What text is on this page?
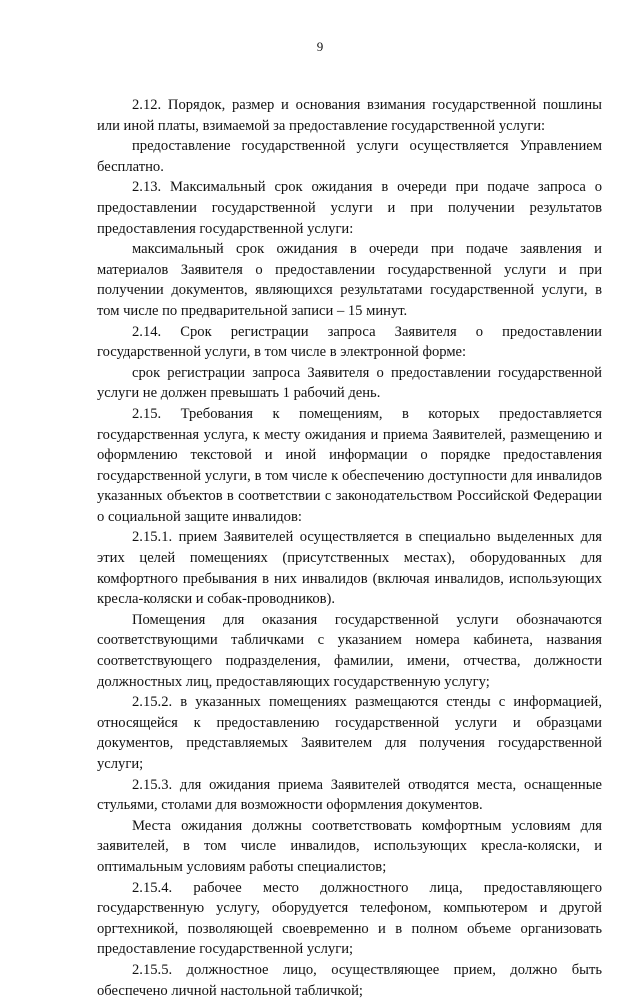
9

2.12. Порядок, размер и основания взимания государственной пошлины или иной платы, взимаемой за предоставление государственной услуги:

предоставление государственной услуги осуществляется Управлением бесплатно.

2.13. Максимальный срок ожидания в очереди при подаче запроса о предоставлении государственной услуги и при получении результатов предоставления государственной услуги:

максимальный срок ожидания в очереди при подаче заявления и материалов Заявителя о предоставлении государственной услуги и при получении документов, являющихся результатами государственной услуги, в том числе по предварительной записи – 15 минут.

2.14. Срок регистрации запроса Заявителя о предоставлении государственной услуги, в том числе в электронной форме:

срок регистрации запроса Заявителя о предоставлении государственной услуги не должен превышать 1 рабочий день.

2.15. Требования к помещениям, в которых предоставляется государственная услуга, к месту ожидания и приема Заявителей, размещению и оформлению текстовой и иной информации о порядке предоставления государственной услуги, в том числе к обеспечению доступности для инвалидов указанных объектов в соответствии с законодательством Российской Федерации о социальной защите инвалидов:

2.15.1. прием Заявителей осуществляется в специально выделенных для этих целей помещениях (присутственных местах), оборудованных для комфортного пребывания в них инвалидов (включая инвалидов, использующих кресла-коляски и собак-проводников).

Помещения для оказания государственной услуги обозначаются соответствующими табличками с указанием номера кабинета, названия соответствующего подразделения, фамилии, имени, отчества, должности должностных лиц, предоставляющих государственную услугу;

2.15.2. в указанных помещениях размещаются стенды с информацией, относящейся к предоставлению государственной услуги и образцами документов, представляемых Заявителем для получения государственной услуги;

2.15.3. для ожидания приема Заявителей отводятся места, оснащенные стульями, столами для возможности оформления документов.

Места ожидания должны соответствовать комфортным условиям для заявителей, в том числе инвалидов, использующих кресла-коляски, и оптимальным условиям работы специалистов;

2.15.4. рабочее место должностного лица, предоставляющего государственную услугу, оборудуется телефоном, компьютером и другой оргтехникой, позволяющей своевременно и в полном объеме организовать предоставление государственной услуги;

2.15.5. должностное лицо, осуществляющее прием, должно быть обеспечено личной настольной табличкой;
